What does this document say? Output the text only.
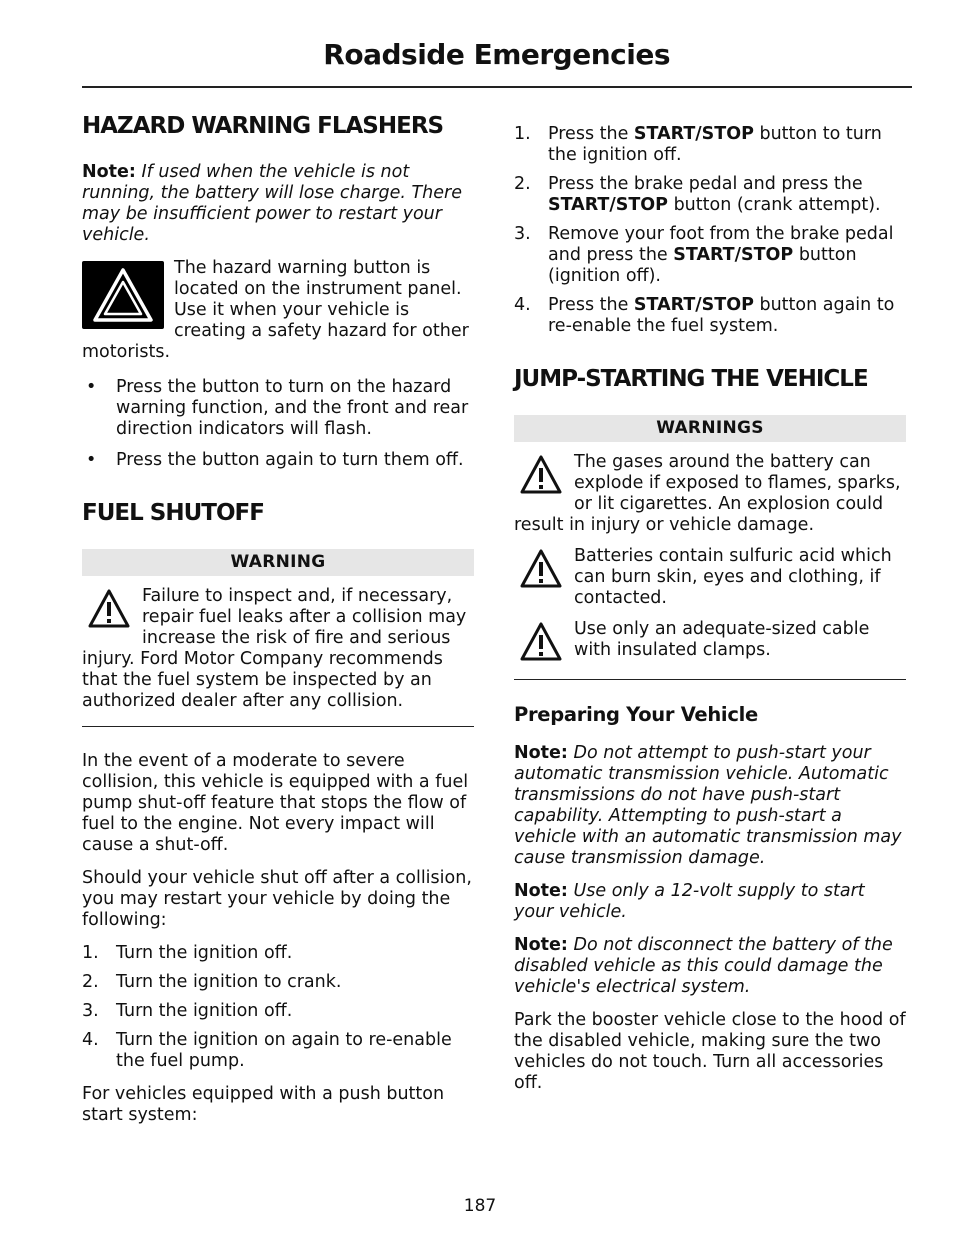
Roadside Emergencies
HAZARD WARNING FLASHERS

Note: If used when the vehicle is not running, the battery will lose charge. There may be insufficient power to restart your vehicle.

The hazard warning button is located on the instrument panel. Use it when your vehicle is creating a safety hazard for other motorists.
• Press the button to turn on the hazard warning function, and the front and rear direction indicators will flash.
• Press the button again to turn them off.
FUEL SHUTOFF
WARNING
Failure to inspect and, if necessary, repair fuel leaks after a collision may increase the risk of fire and serious injury. Ford Motor Company recommends that the fuel system be inspected by an authorized dealer after any collision.

In the event of a moderate to severe collision, this vehicle is equipped with a fuel pump shut-off feature that stops the flow of fuel to the engine. Not every impact will cause a shut-off.

Should your vehicle shut off after a collision, you may restart your vehicle by doing the following:

1. Turn the ignition off.
2. Turn the ignition to crank.
3. Turn the ignition off.
4. Turn the ignition on again to re-enable the fuel pump.

For vehicles equipped with a push button start system:

1. Press the START/STOP button to turn the ignition off.
2. Press the brake pedal and press the START/STOP button (crank attempt).
3. Remove your foot from the brake pedal and press the START/STOP button (ignition off).
4. Press the START/STOP button again to re-enable the fuel system.
JUMP-STARTING THE VEHICLE
WARNINGS
The gases around the battery can explode if exposed to flames, sparks, or lit cigarettes. An explosion could result in injury or vehicle damage.
Batteries contain sulfuric acid which can burn skin, eyes and clothing, if contacted.
Use only an adequate-sized cable with insulated clamps.
Preparing Your Vehicle

Note: Do not attempt to push-start your automatic transmission vehicle. Automatic transmissions do not have push-start capability. Attempting to push-start a vehicle with an automatic transmission may cause transmission damage.

Note: Use only a 12-volt supply to start your vehicle.

Note: Do not disconnect the battery of the disabled vehicle as this could damage the vehicle's electrical system.

Park the booster vehicle close to the hood of the disabled vehicle, making sure the two vehicles do not touch. Turn all accessories off.

187
